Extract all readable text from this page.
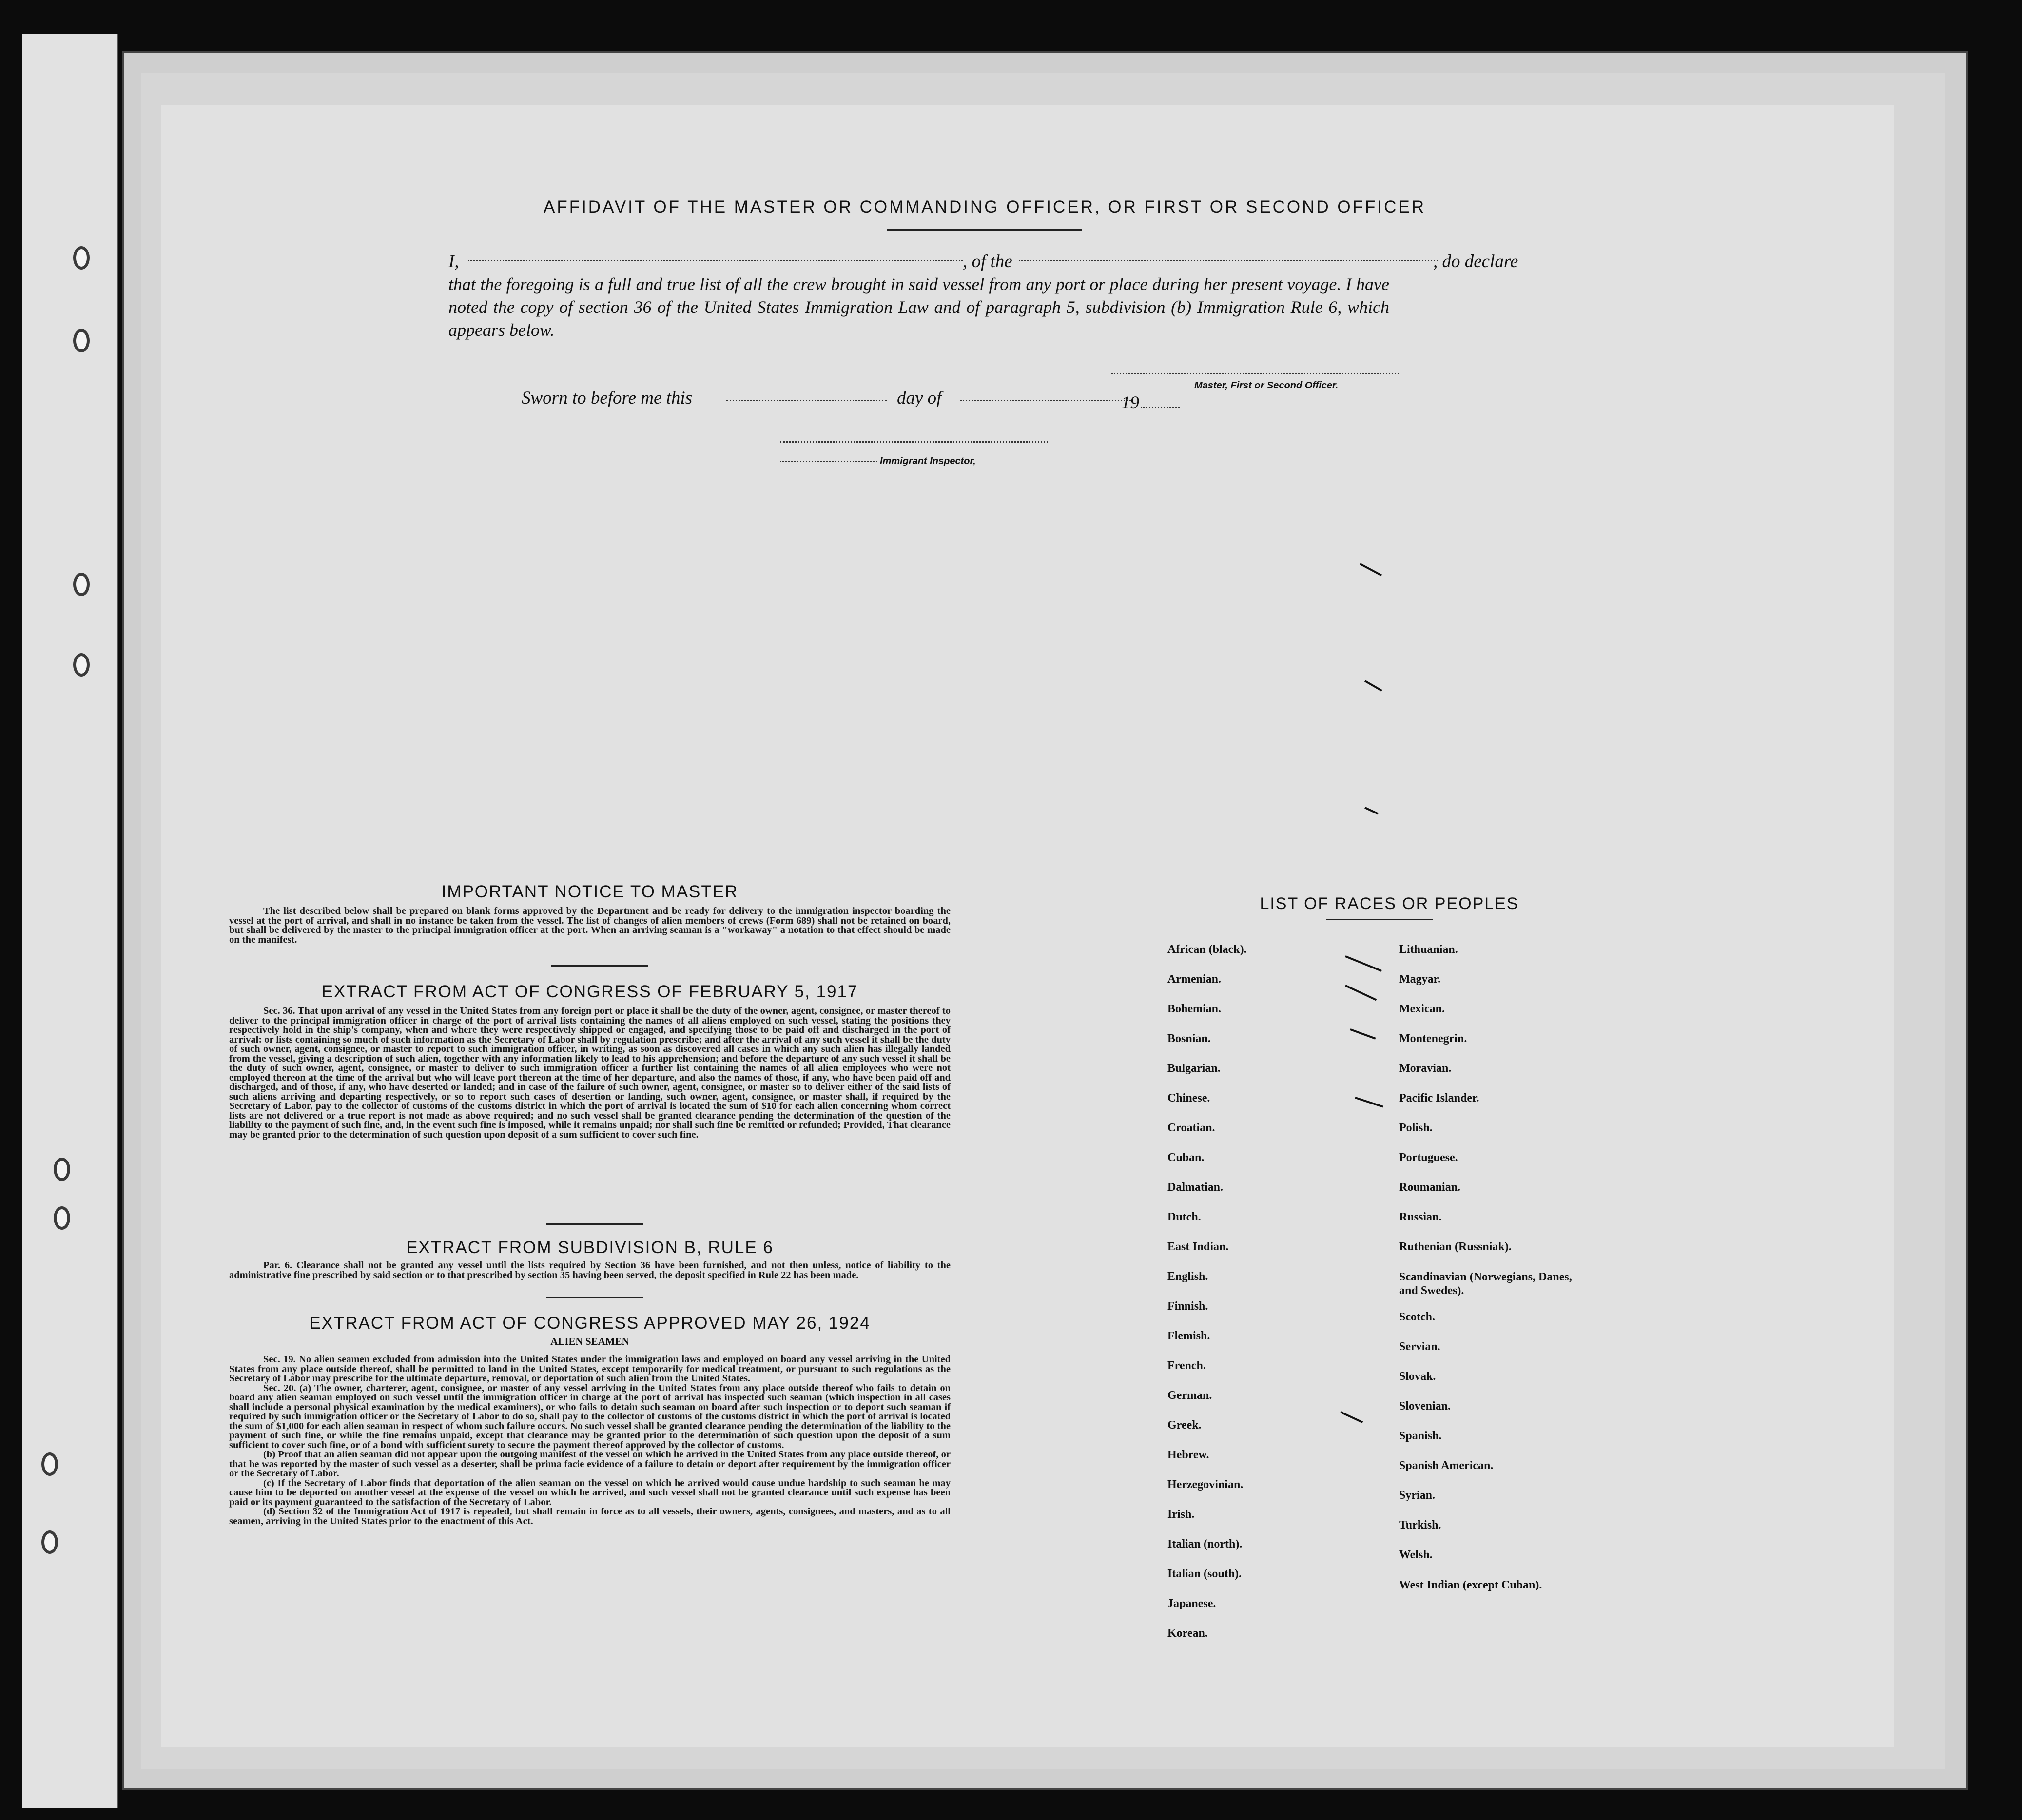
AFFIDAVIT OF THE MASTER OR COMMANDING OFFICER, OR FIRST OR SECOND OFFICER
I,	, of the	, do declare
that the foregoing is a full and true list of all the crew brought in said vessel from any port or place during her present voyage. I have noted the copy of section 36 of the United States Immigration Law and of paragraph 5, subdivision (b) Immigration Rule 6, which appears below.
Master, First or Second Officer.
Sworn to before me this	day of	19
Immigrant Inspector,
IMPORTANT NOTICE TO MASTER

The list described below shall be prepared on blank forms approved by the Department and be ready for delivery to the immigration inspector boarding the vessel at the port of arrival, and shall in no instance be taken from the vessel. The list of changes of alien members of crews (Form 689) shall not be retained on board, but shall be delivered by the master to the principal immigration officer at the port. When an arriving seaman is a "workaway" a notation to that effect should be made on the manifest.

EXTRACT FROM ACT OF CONGRESS OF FEBRUARY 5, 1917

Sec. 36. That upon arrival of any vessel in the United States from any foreign port or place it shall be the duty of the owner, agent, consignee, or master thereof to deliver to the principal immigration officer in charge of the port of arrival lists containing the names of all aliens employed on such vessel, stating the positions they respectively hold in the ship's company, when and where they were respectively shipped or engaged, and specifying those to be paid off and discharged in the port of arrival: or lists containing so much of such information as the Secretary of Labor shall by regulation prescribe; and after the arrival of any such vessel it shall be the duty of such owner, agent, consignee, or master to report to such immigration officer, in writing, as soon as discovered all cases in which any such alien has illegally landed from the vessel, giving a description of such alien, together with any information likely to lead to his apprehension; and before the departure of any such vessel it shall be the duty of such owner, agent, consignee, or master to deliver to such immigration officer a further list containing the names of all alien employees who were not employed thereon at the time of the arrival but who will leave port thereon at the time of her departure, and also the names of those, if any, who have been paid off and discharged, and of those, if any, who have deserted or landed; and in case of the failure of such owner, agent, consignee, or master so to deliver either of the said lists of such aliens arriving and departing respectively, or so to report such cases of desertion or landing, such owner, agent, consignee, or master shall, if required by the Secretary of Labor, pay to the collector of customs of the customs district in which the port of arrival is located the sum of $10 for each alien concerning whom correct lists are not delivered or a true report is not made as above required; and no such vessel shall be granted clearance pending the determination of the question of the liability to the payment of such fine, and, in the event such fine is imposed, while it remains unpaid; nor shall such fine be remitted or refunded; Provided, That clearance may be granted prior to the determination of such question upon deposit of a sum sufficient to cover such fine.

EXTRACT FROM SUBDIVISION B, RULE 6

Par. 6. Clearance shall not be granted any vessel until the lists required by Section 36 have been furnished, and not then unless, notice of liability to the administrative fine prescribed by said section or to that prescribed by section 35 having been served, the deposit specified in Rule 22 has been made.

EXTRACT FROM ACT OF CONGRESS APPROVED MAY 26, 1924
ALIEN SEAMEN

Sec. 19. No alien seamen excluded from admission into the United States under the immigration laws and employed on board any vessel arriving in the United States from any place outside thereof, shall be permitted to land in the United States, except temporarily for medical treatment, or pursuant to such regulations as the Secretary of Labor may prescribe for the ultimate departure, removal, or deportation of such alien from the United States.

Sec. 20. (a) The owner, charterer, agent, consignee, or master of any vessel arriving in the United States from any place outside thereof who fails to detain on board any alien seaman employed on such vessel until the immigration officer in charge at the port of arrival has inspected such seaman (which inspection in all cases shall include a personal physical examination by the medical examiners), or who fails to detain such seaman on board after such inspection or to deport such seaman if required by such immigration officer or the Secretary of Labor to do so, shall pay to the collector of customs of the customs district in which the port of arrival is located the sum of $1,000 for each alien seaman in respect of whom such failure occurs. No such vessel shall be granted clearance pending the determination of the liability to the payment of such fine, or while the fine remains unpaid, except that clearance may be granted prior to the determination of such question upon the deposit of a sum sufficient to cover such fine, or of a bond with sufficient surety to secure the payment thereof approved by the collector of customs.

(b) Proof that an alien seaman did not appear upon the outgoing manifest of the vessel on which he arrived in the United States from any place outside thereof, or that he was reported by the master of such vessel as a deserter, shall be prima facie evidence of a failure to detain or deport after requirement by the immigration officer or the Secretary of Labor.

(c) If the Secretary of Labor finds that deportation of the alien seaman on the vessel on which he arrived would cause undue hardship to such seaman he may cause him to be deported on another vessel at the expense of the vessel on which he arrived, and such vessel shall not be granted clearance until such expense has been paid or its payment guaranteed to the satisfaction of the Secretary of Labor.

(d) Section 32 of the Immigration Act of 1917 is repealed, but shall remain in force as to all vessels, their owners, agents, consignees, and masters, and as to all seamen, arriving in the United States prior to the enactment of this Act.

LIST OF RACES OR PEOPLES
African (black).
Armenian.
Bohemian.
Bosnian.
Bulgarian.
Chinese.
Croatian.
Cuban.
Dalmatian.
Dutch.
East Indian.
English.
Finnish.
Flemish.
French.
German.
Greek.
Hebrew.
Herzegovinian.
Irish.
Italian (north).
Italian (south).
Japanese.
Korean.
Lithuanian.
Magyar.
Mexican.
Montenegrin.
Moravian.
Pacific Islander.
Polish.
Portuguese.
Roumanian.
Russian.
Ruthenian (Russniak).
Scandinavian (Norwegians, Danes, and Swedes).
Scotch.
Servian.
Slovak.
Slovenian.
Spanish.
Spanish American.
Syrian.
Turkish.
Welsh.
West Indian (except Cuban).
